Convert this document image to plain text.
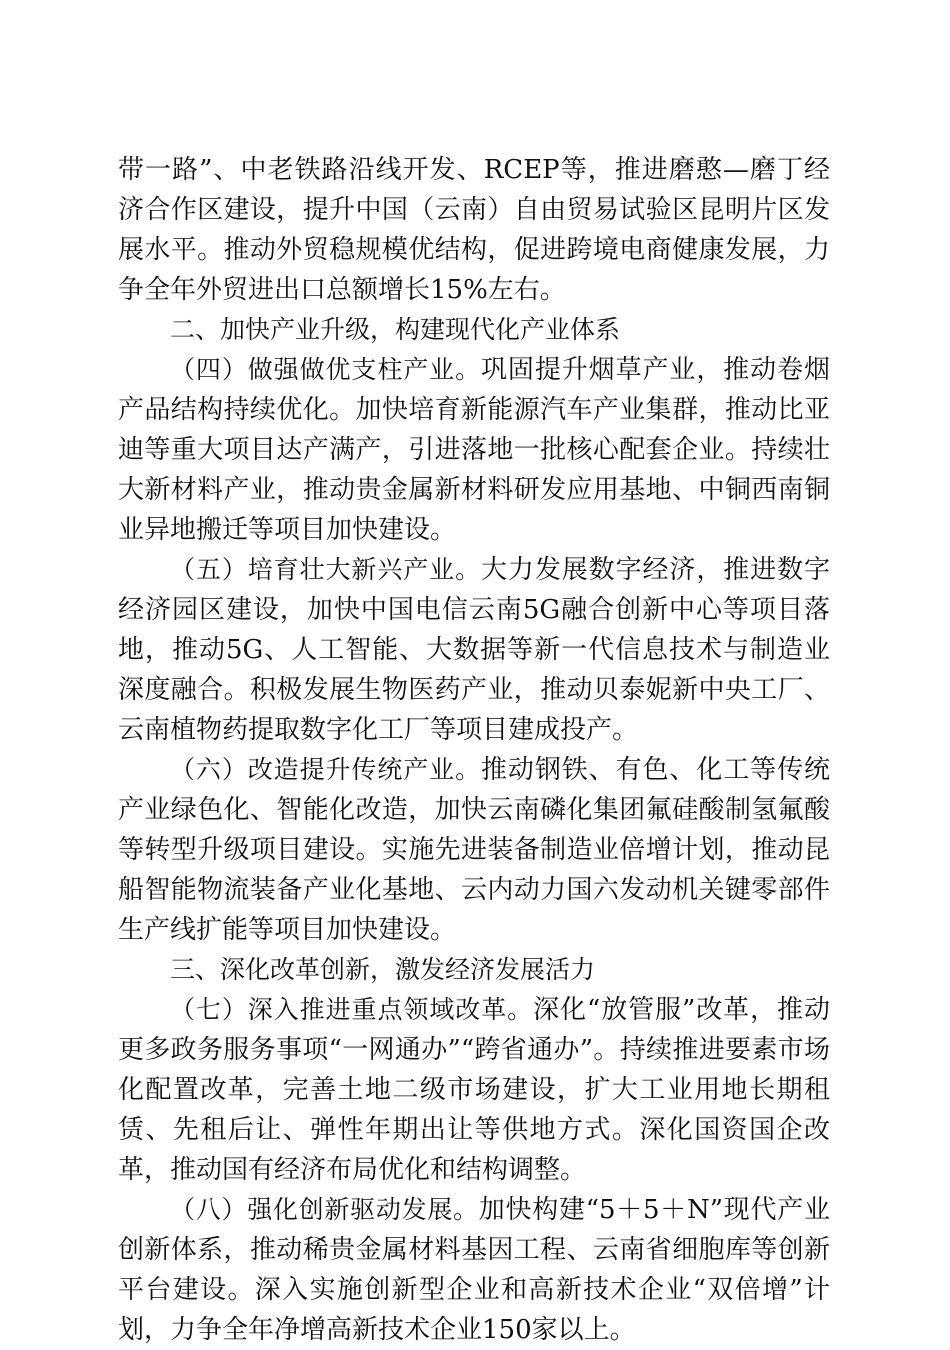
带一路”、中老铁路沿线开发、RCEP等，推进磨憨—磨丁经济合作区建设，提升中国（云南）自由贸易试验区昆明片区发展水平。推动外贸稳规模优结构，促进跨境电商健康发展，力争全年外贸进出口总额增长15%左右。

二、加快产业升级，构建现代化产业体系

（四）做强做优支柱产业。巩固提升烟草产业，推动卷烟产品结构持续优化。加快培育新能源汽车产业集群，推动比亚迪等重大项目达产满产，引进落地一批核心配套企业。持续壮大新材料产业，推动贵金属新材料研发应用基地、中铜西南铜业异地搬迁等项目加快建设。

（五）培育壮大新兴产业。大力发展数字经济，推进数字经济园区建设，加快中国电信云南5G融合创新中心等项目落地，推动5G、人工智能、大数据等新一代信息技术与制造业深度融合。积极发展生物医药产业，推动贝泰妮新中央工厂、云南植物药提取数字化工厂等项目建成投产。

（六）改造提升传统产业。推动钢铁、有色、化工等传统产业绿色化、智能化改造，加快云南磷化集团氟硅酸制氢氟酸等转型升级项目建设。实施先进装备制造业倍增计划，推动昆船智能物流装备产业化基地、云内动力国六发动机关键零部件生产线扩能等项目加快建设。

三、深化改革创新，激发经济发展活力

（七）深入推进重点领域改革。深化“放管服”改革，推动更多政务服务事项“一网通办”“跨省通办”。持续推进要素市场化配置改革，完善土地二级市场建设，扩大工业用地长期租赁、先租后让、弹性年期出让等供地方式。深化国资国企改革，推动国有经济布局优化和结构调整。

（八）强化创新驱动发展。加快构建“5＋5＋N”现代产业创新体系，推动稀贵金属材料基因工程、云南省细胞库等创新平台建设。深入实施创新型企业和高新技术企业“双倍增”计划，力争全年净增高新技术企业150家以上。
